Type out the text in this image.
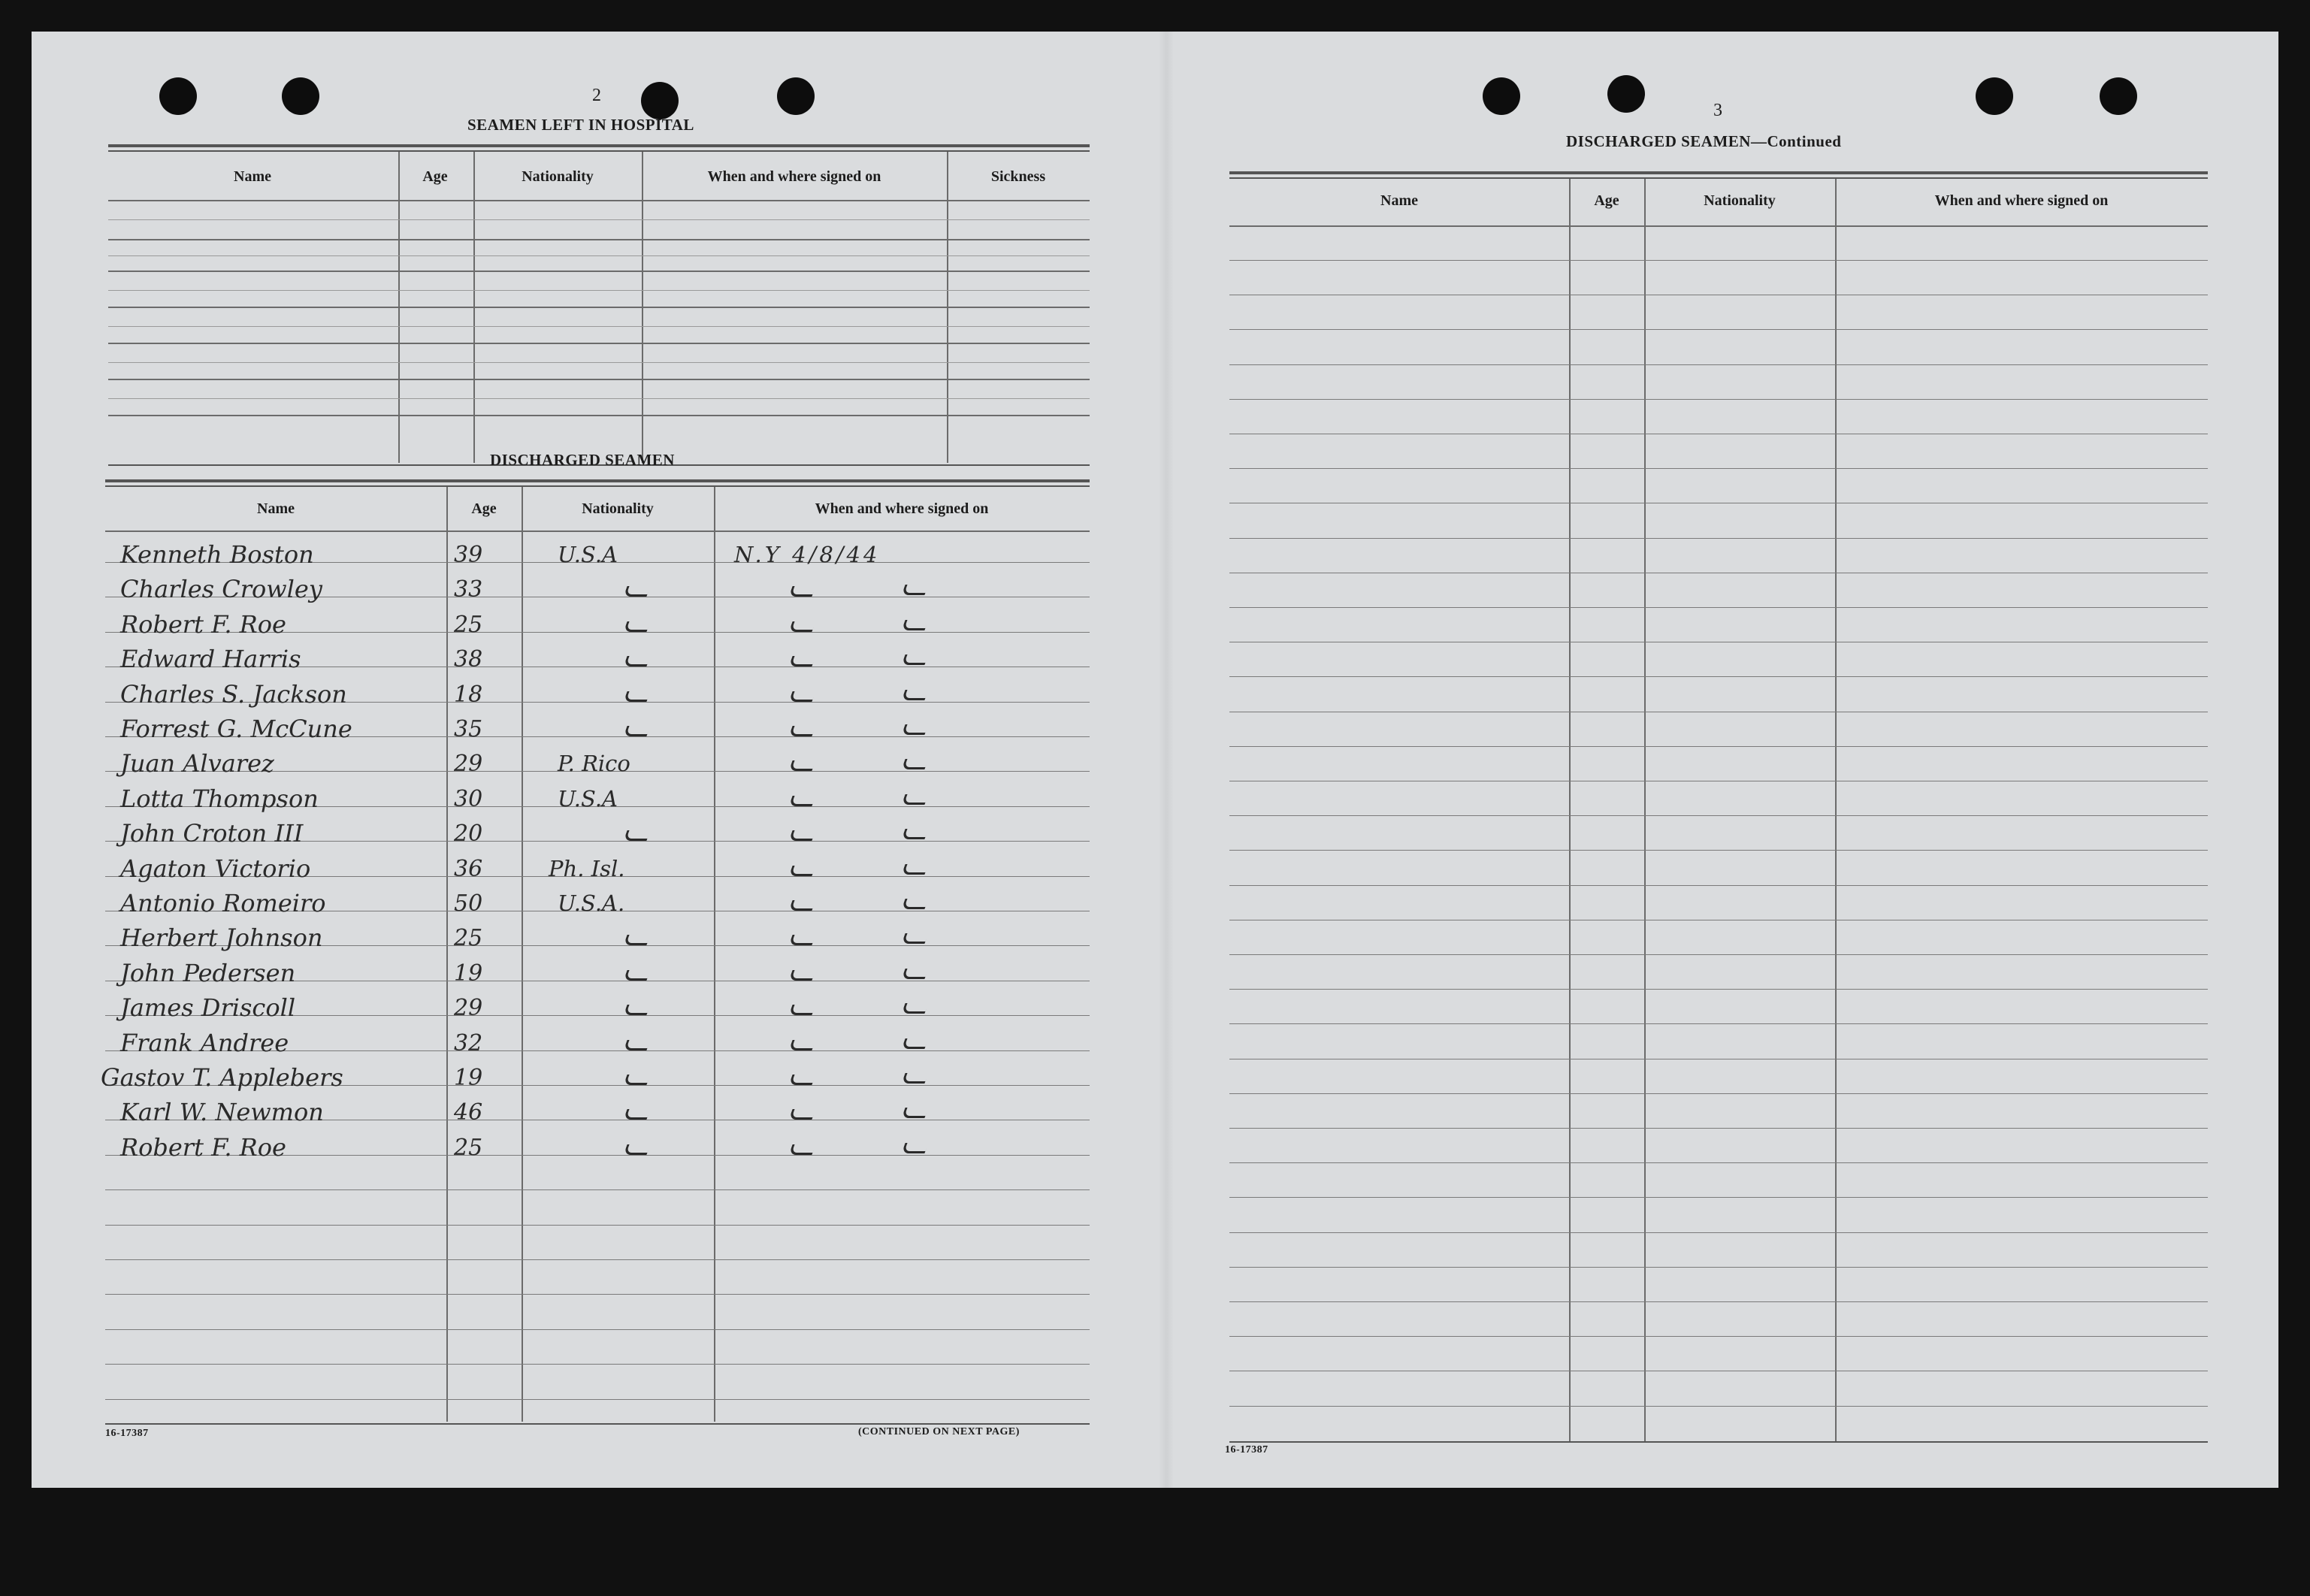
2
SEAMEN LEFT IN HOSPITAL
Name	Age	Nationality	When and where signed on	Sickness
DISCHARGED SEAMEN
Name	Age	Nationality	When and where signed on
Kenneth Boston	39	U.S.A	N.Y 4/8/44
Charles Crowley	33
Robert F. Roe	25
Edward Harris	38
Charles S. Jackson	18
Forrest G. McCune	35
Juan Alvarez	29	P. Rico
Lotta Thompson	30	U.S.A
John Croton III	20
Agaton Victorio	36	Ph. Isl.
Antonio Romeiro	50	U.S.A.
Herbert Johnson	25
John Pedersen	19
James Driscoll	29
Frank Andree	32
Gastov T. Applebers	19
Karl W. Newmon	46
Robert F. Roe	25
16-17387	(CONTINUED ON NEXT PAGE)
3
DISCHARGED SEAMEN—Continued
Name	Age	Nationality	When and where signed on
16-17387
